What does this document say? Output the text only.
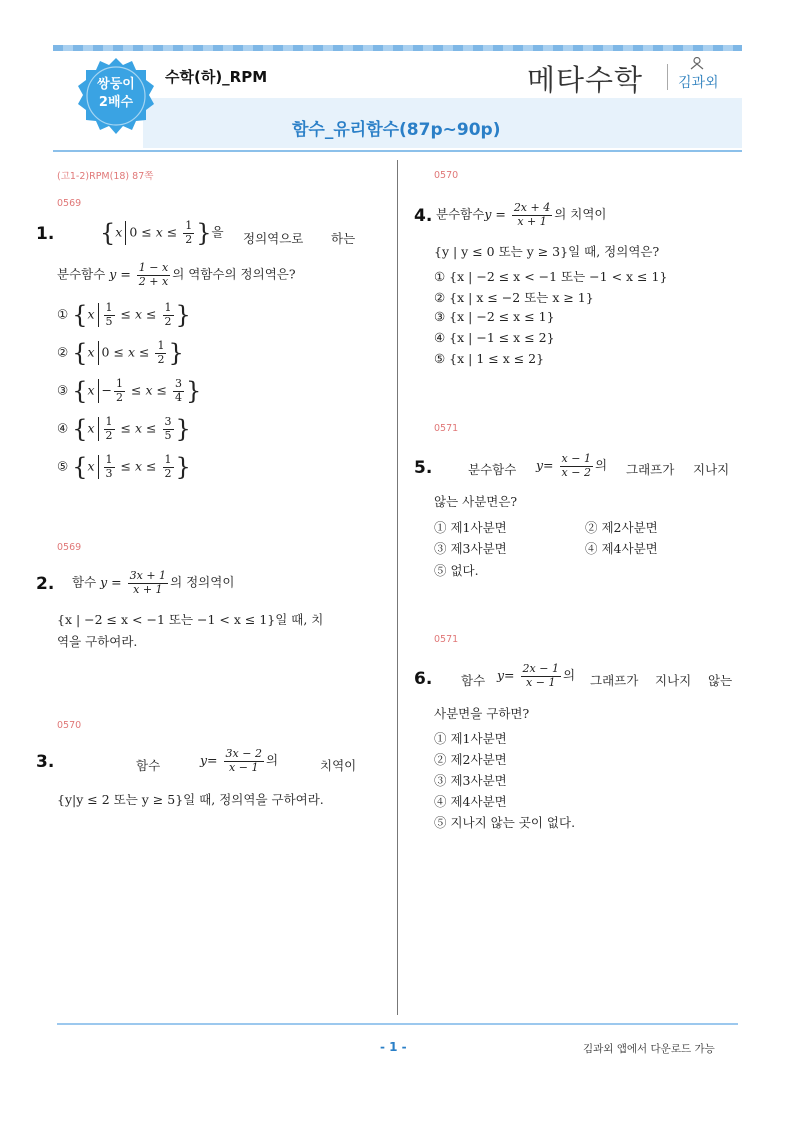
쌍둥이
2배수
수학(하)_RPM	메타수학 김과외
함수_유리함수(87p~90p)
(고1-2)RPM(18) 87쪽
0569
1. {x $0 \le x \le \frac{1}{2}$ }을 정의역으로 하는
분수함수 $y = \frac{1 - x}{2 + x}$ 의 역함수의 정의역은?
① {$x \frac{1}{5} \le x \le \frac{1}{2}$ }
② {x $0 \le x \le \frac{1}{2}$ }
③ {$x - \frac{1}{2} \le x \le \frac{3}{4}$ }
④ {$x \frac{1}{2} \le x \le \frac{3}{5}$ }
⑤ {$x \frac{1}{3} \le x \le \frac{1}{2}$ }
0569
2. 함수 $y = \frac{3x + 1}{x + 1}$ 의 정의역이
{x | −2 ≤ x < −1 또는 −1 < x ≤ 1}일 때, 치
역을 구하여라.
0570
3.	함수	$y= \frac{3x - 2}{x - 1}$ 의	치역이
{y|y ≤ 2 또는 y ≥ 5}일 때, 정의역을 구하여라.
0570
4. 분수함수$y = \frac{2x + 4}{x + 1}$ 의 치역이
{y | y ≤ 0 또는 y ≥ 3}일 때, 정의역은?
① {x | −2 ≤ x < −1 또는 −1 < x ≤ 1}
② {x | x ≤ −2 또는 x ≥ 1}
③ {x | −2 ≤ x ≤ 1}
④ {x | −1 ≤ x ≤ 2}
⑤ {x | 1 ≤ x ≤ 2}
0571
5.	분수함수 $y= \frac{x - 1}{x - 2}$ 의 그래프가 지나지
않는 사분면은?
① 제1사분면	② 제2사분면
③ 제3사분면	④ 제4사분면
⑤ 없다.
0571
6. 함수 $y= \frac{2x - 1}{x - 1}$ 의 그래프가 지나지 않는
사분면을 구하면?
① 제1사분면
② 제2사분면
③ 제3사분면
④ 제4사분면
⑤ 지나지 않는 곳이 없다.
- 1 -	김과외 앱에서 다운로드 가능
